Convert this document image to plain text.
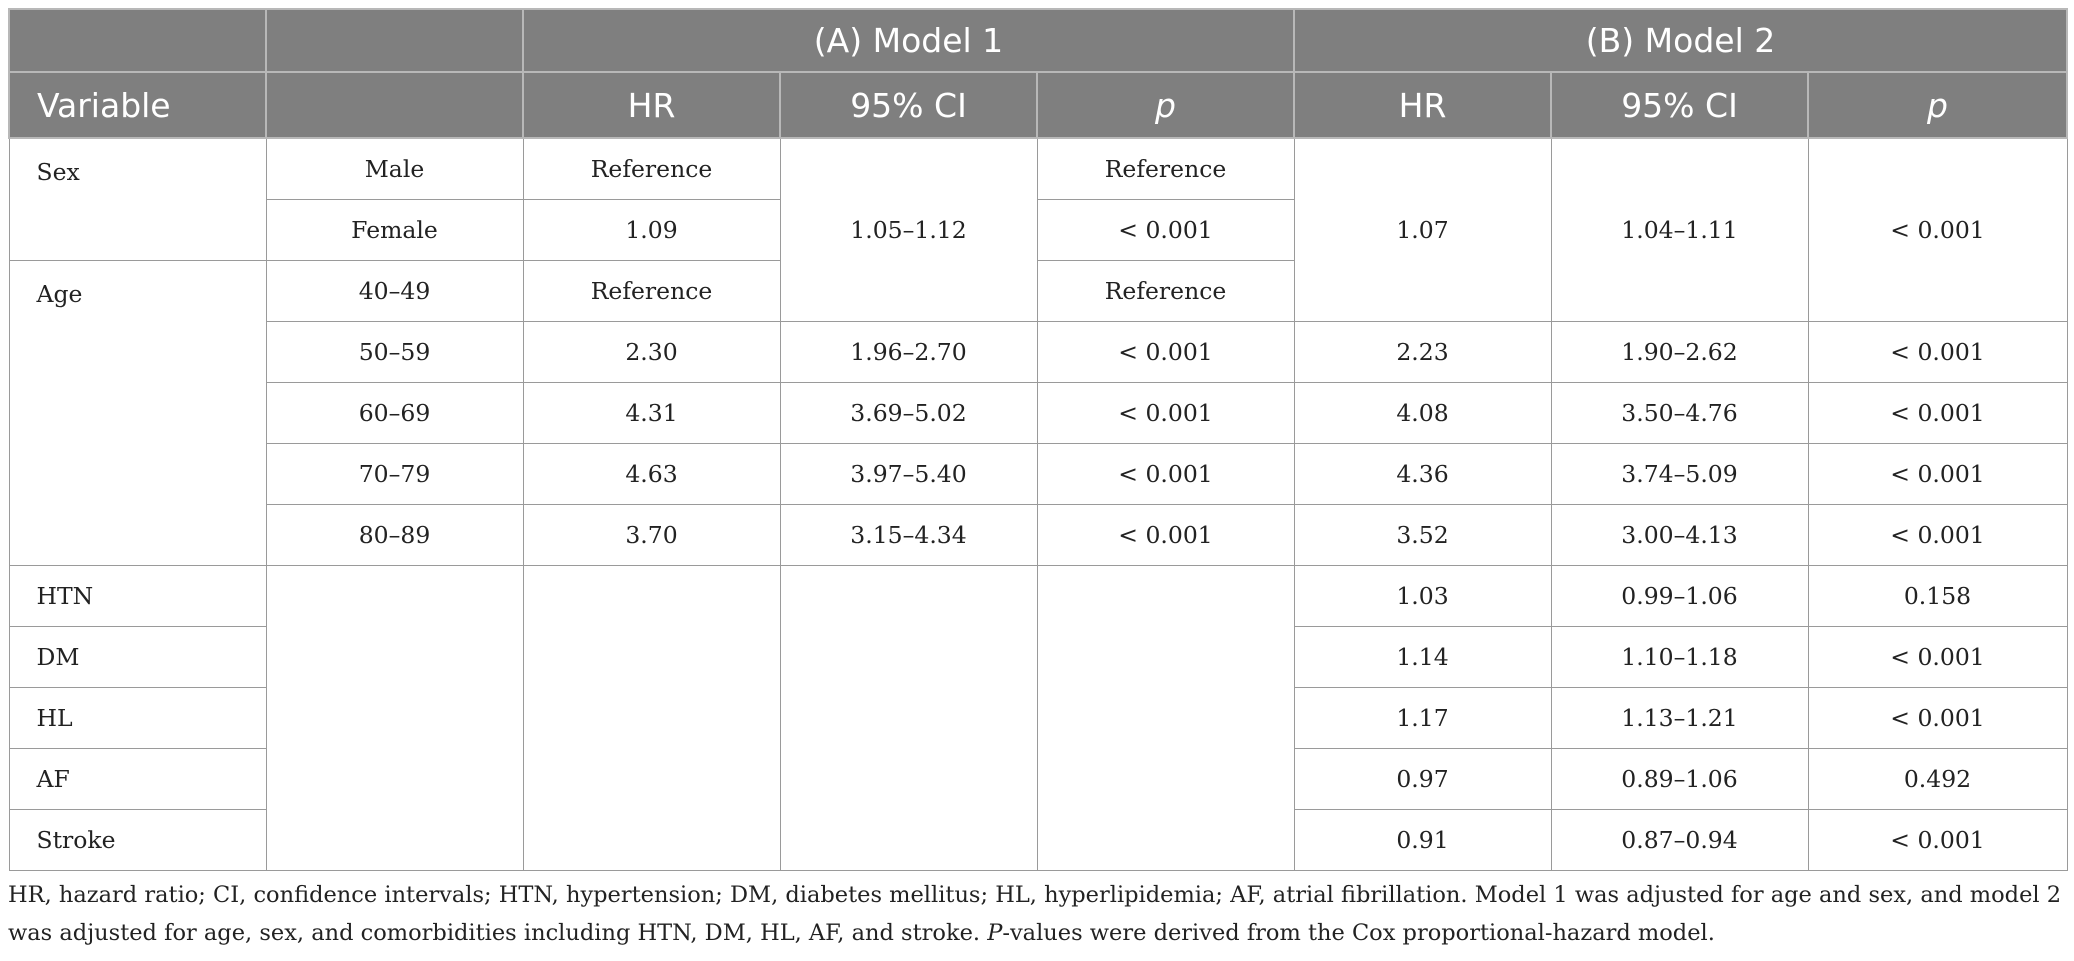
		(A) Model 1			(B) Model 2		
Variable		HR	95% CI	p	HR	95% CI	p
Sex	Male	Reference	1.05–1.12	Reference	1.07	1.04–1.11	< 0.001
	Female	1.09		< 0.001			
Age	40–49	Reference		Reference			
	50–59	2.30	1.96–2.70	< 0.001	2.23	1.90–2.62	< 0.001
	60–69	4.31	3.69–5.02	< 0.001	4.08	3.50–4.76	< 0.001
	70–79	4.63	3.97–5.40	< 0.001	4.36	3.74–5.09	< 0.001
	80–89	3.70	3.15–4.34	< 0.001	3.52	3.00–4.13	< 0.001
HTN					1.03	0.99–1.06	0.158
DM					1.14	1.10–1.18	< 0.001
HL					1.17	1.13–1.21	< 0.001
AF					0.97	0.89–1.06	0.492
Stroke					0.91	0.87–0.94	< 0.001
HR, hazard ratio; CI, confidence intervals; HTN, hypertension; DM, diabetes mellitus; HL, hyperlipidemia; AF, atrial fibrillation. Model 1 was adjusted for age and sex, and model 2 was adjusted for age, sex, and comorbidities including HTN, DM, HL, AF, and stroke. P-values were derived from the Cox proportional-hazard model.
